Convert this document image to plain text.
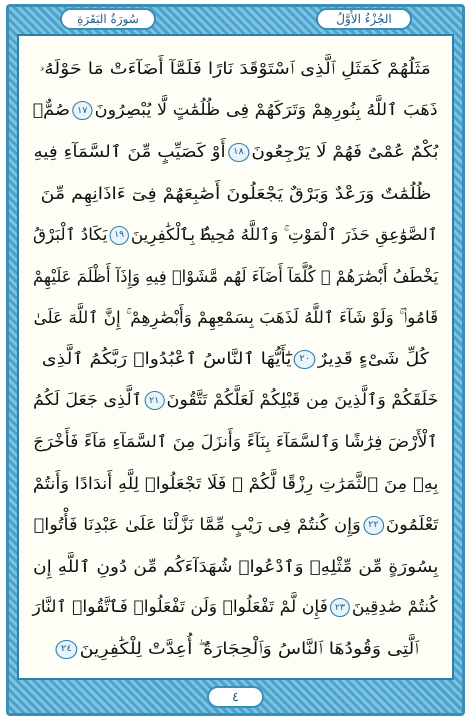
سُورَةُ البَقَرَةِ	الجُزْءُ الأَوَّلُ
مَثَلُهُمْ كَمَثَلِ ٱلَّذِى ٱسْتَوْقَدَ نَارًا فَلَمَّآ أَضَآءَتْ مَا حَوْلَهُۥ
ذَهَبَ ٱللَّهُ بِنُورِهِمْ وَتَرَكَهُمْ فِى ظُلُمَٰتٍ لَّا يُبْصِرُونَ١٧صُمٌّۢ
بُكْمٌ عُمْىٌ فَهُمْ لَا يَرْجِعُونَ١٨أَوْ كَصَيِّبٍ مِّنَ ٱلسَّمَآءِ فِيهِ
ظُلُمَٰتٌ وَرَعْدٌ وَبَرْقٌ يَجْعَلُونَ أَصَٰبِعَهُمْ فِىٓ ءَاذَانِهِم مِّنَ
ٱلصَّوَٰعِقِ حَذَرَ ٱلْمَوْتِ ۚ وَٱللَّهُ مُحِيطٌۢ بِٱلْكَٰفِرِينَ١٩يَكَادُ ٱلْبَرْقُ
يَخْطَفُ أَبْصَٰرَهُمْ ۖ كُلَّمَآ أَضَآءَ لَهُم مَّشَوْا۟ فِيهِ وَإِذَآ أَظْلَمَ عَلَيْهِمْ
قَامُوا۟ ۚ وَلَوْ شَآءَ ٱللَّهُ لَذَهَبَ بِسَمْعِهِمْ وَأَبْصَٰرِهِمْ ۚ إِنَّ ٱللَّهَ عَلَىٰ
كُلِّ شَىْءٍ قَدِيرٌ٢٠يَٰٓأَيُّهَا ٱلنَّاسُ ٱعْبُدُوا۟ رَبَّكُمُ ٱلَّذِى
خَلَقَكُمْ وَٱلَّذِينَ مِن قَبْلِكُمْ لَعَلَّكُمْ تَتَّقُونَ٢١ٱلَّذِى جَعَلَ لَكُمُ
ٱلْأَرْضَ فِرَٰشًا وَٱلسَّمَآءَ بِنَآءً وَأَنزَلَ مِنَ ٱلسَّمَآءِ مَآءً فَأَخْرَجَ
بِهِۦ مِنَ ٱلثَّمَرَٰتِ رِزْقًا لَّكُمْ ۖ فَلَا تَجْعَلُوا۟ لِلَّهِ أَندَادًا وَأَنتُمْ
تَعْلَمُونَ٢٢وَإِن كُنتُمْ فِى رَيْبٍ مِّمَّا نَزَّلْنَا عَلَىٰ عَبْدِنَا فَأْتُوا۟
بِسُورَةٍ مِّن مِّثْلِهِۦ وَٱدْعُوا۟ شُهَدَآءَكُم مِّن دُونِ ٱللَّهِ إِن
كُنتُمْ صَٰدِقِينَ٢٣فَإِن لَّمْ تَفْعَلُوا۟ وَلَن تَفْعَلُوا۟ فَٱتَّقُوا۟ ٱلنَّارَ
ٱلَّتِى وَقُودُهَا ٱلنَّاسُ وَٱلْحِجَارَةُ ۖ أُعِدَّتْ لِلْكَٰفِرِينَ٢٤
٤
